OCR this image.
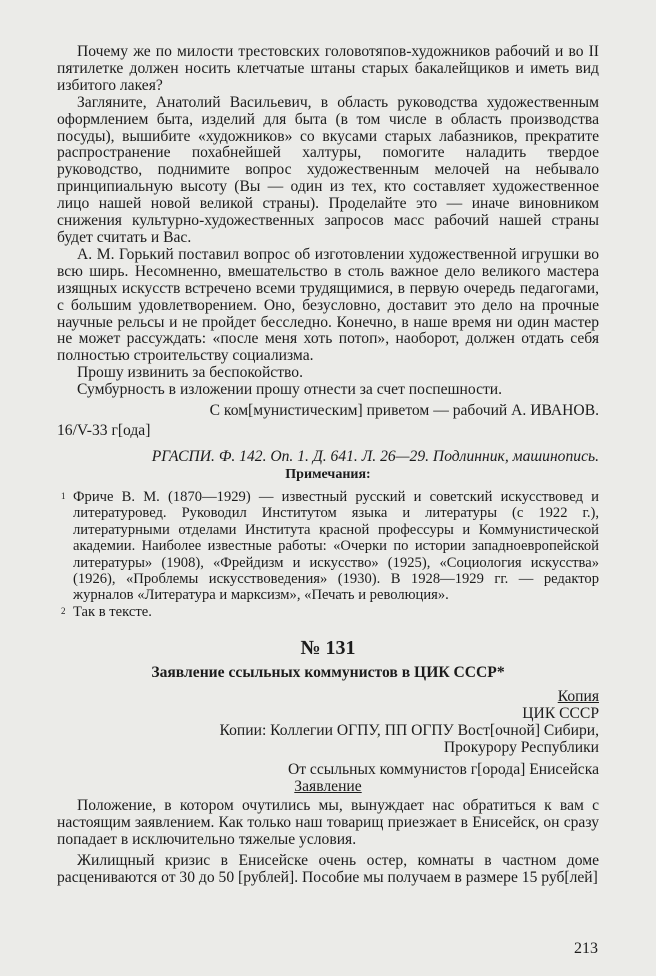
Почему же по милости трестовских головотяпов-художников рабочий и во II пятилетке должен носить клетчатые штаны старых бакалейщиков и иметь вид избитого лакея?

Загляните, Анатолий Васильевич, в область руководства художественным оформлением быта, изделий для быта (в том числе в область производства посуды), вышибите «художников» со вкусами старых лабазников, прекратите распространение похабнейшей халтуры, помогите наладить твердое руководство, поднимите вопрос художественным мелочей на небывало принципиальную высоту (Вы — один из тех, кто составляет художественное лицо нашей новой великой страны). Проделайте это — иначе виновником снижения культурно-художественных запросов масс рабочий нашей страны будет считать и Вас.

А. М. Горький поставил вопрос об изготовлении художественной игрушки во всю ширь. Несомненно, вмешательство в столь важное дело великого мастера изящных искусств встречено всеми трудящимися, в первую очередь педагогами, с большим удовлетворением. Оно, безусловно, доставит это дело на прочные научные рельсы и не пройдет бесследно. Конечно, в наше время ни один мастер не может рассуждать: «после меня хоть потоп», наоборот, должен отдать себя полностью строительству социализма.

Прошу извинить за беспокойство.

Сумбурность в изложении прошу отнести за счет поспешности.

С ком[мунистическим] приветом — рабочий А. ИВАНОВ.

16/V-33 г[ода]

РГАСПИ. Ф. 142. Оп. 1. Д. 641. Л. 26—29. Подлинник, машинопись.

Примечания:

1 Фриче В. М. (1870—1929) — известный русский и советский искусствовед и литературовед. Руководил Институтом языка и литературы (с 1922 г.), литературными отделами Института красной профессуры и Коммунистической академии. Наиболее известные работы: «Очерки по истории западноевропейской литературы» (1908), «Фрейдизм и искусство» (1925), «Социология искусства» (1926), «Проблемы искусствоведения» (1930). В 1928—1929 гг. — редактор журналов «Литература и марксизм», «Печать и революция».

2 Так в тексте.

№ 131

Заявление ссыльных коммунистов в ЦИК СССР*

Копия

ЦИК СССР

Копии: Коллегии ОГПУ, ПП ОГПУ Вост[очной] Сибири,

Прокурору Республики

От ссыльных коммунистов г[орода] Енисейска

Заявление

Положение, в котором очутились мы, вынуждает нас обратиться к вам с настоящим заявлением. Как только наш товарищ приезжает в Енисейск, он сразу попадает в исключительно тяжелые условия.

Жилищный кризис в Енисейске очень остер, комнаты в частном доме расцениваются от 30 до 50 [рублей]. Пособие мы получаем в размере 15 руб[лей]

213
